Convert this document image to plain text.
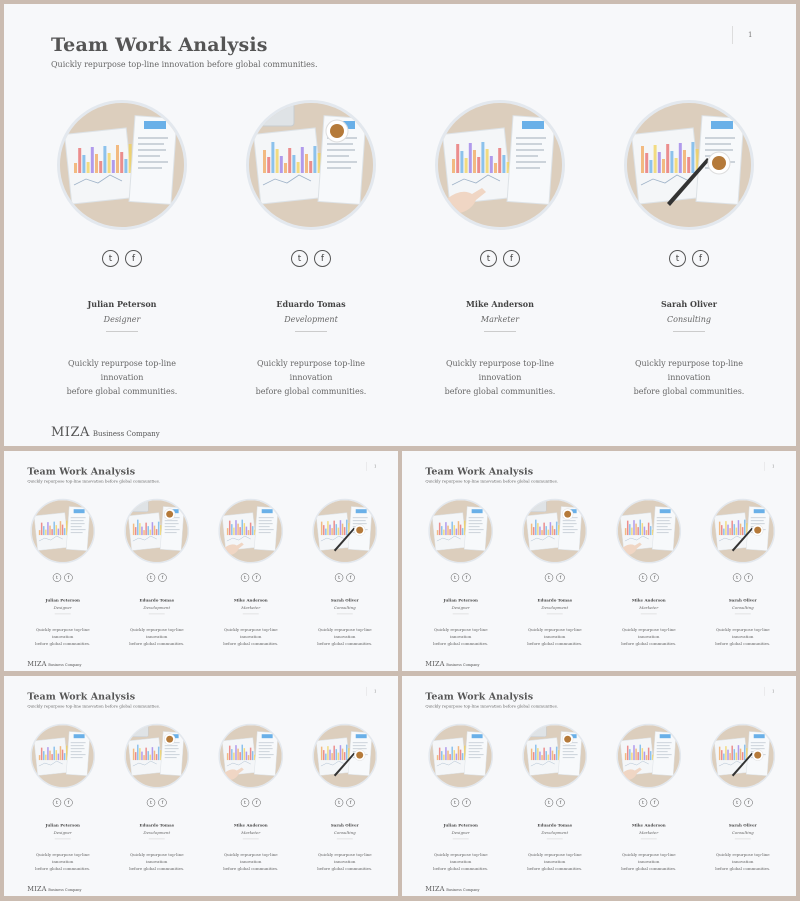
Team Work Analysis
Quickly repurpose top-line innovation before global communities.
1
t	f
Julian Peterson
Designer
Quickly repurpose top-line innovation
before global communities.
t	f
Eduardo Tomas
Development
Quickly repurpose top-line innovation
before global communities.
t	f
Mike Anderson
Marketer
Quickly repurpose top-line innovation
before global communities.
t	f
Sarah Oliver
Consulting
Quickly repurpose top-line innovation
before global communities.
MIZA Business Company
Team Work Analysis
Quickly repurpose top-line innovation before global communities.
1
t	f
Julian Peterson
Designer
Quickly repurpose top-line innovation
before global communities.
t	f
Eduardo Tomas
Development
Quickly repurpose top-line innovation
before global communities.
t	f
Mike Anderson
Marketer
Quickly repurpose top-line innovation
before global communities.
t	f
Sarah Oliver
Consulting
Quickly repurpose top-line innovation
before global communities.
MIZABusiness Company
Team Work Analysis
Quickly repurpose top-line innovation before global communities.
1
t	f
Julian Peterson
Designer
Quickly repurpose top-line innovation
before global communities.
t	f
Eduardo Tomas
Development
Quickly repurpose top-line innovation
before global communities.
t	f
Mike Anderson
Marketer
Quickly repurpose top-line innovation
before global communities.
t	f
Sarah Oliver
Consulting
Quickly repurpose top-line innovation
before global communities.
MIZABusiness Company
Team Work Analysis
Quickly repurpose top-line innovation before global communities.
1
t	f
Julian Peterson
Designer
Quickly repurpose top-line innovation
before global communities.
t	f
Eduardo Tomas
Development
Quickly repurpose top-line innovation
before global communities.
t	f
Mike Anderson
Marketer
Quickly repurpose top-line innovation
before global communities.
t	f
Sarah Oliver
Consulting
Quickly repurpose top-line innovation
before global communities.
MIZABusiness Company
Team Work Analysis
Quickly repurpose top-line innovation before global communities.
1
t	f
Julian Peterson
Designer
Quickly repurpose top-line innovation
before global communities.
t	f
Eduardo Tomas
Development
Quickly repurpose top-line innovation
before global communities.
t	f
Mike Anderson
Marketer
Quickly repurpose top-line innovation
before global communities.
t	f
Sarah Oliver
Consulting
Quickly repurpose top-line innovation
before global communities.
MIZABusiness Company
